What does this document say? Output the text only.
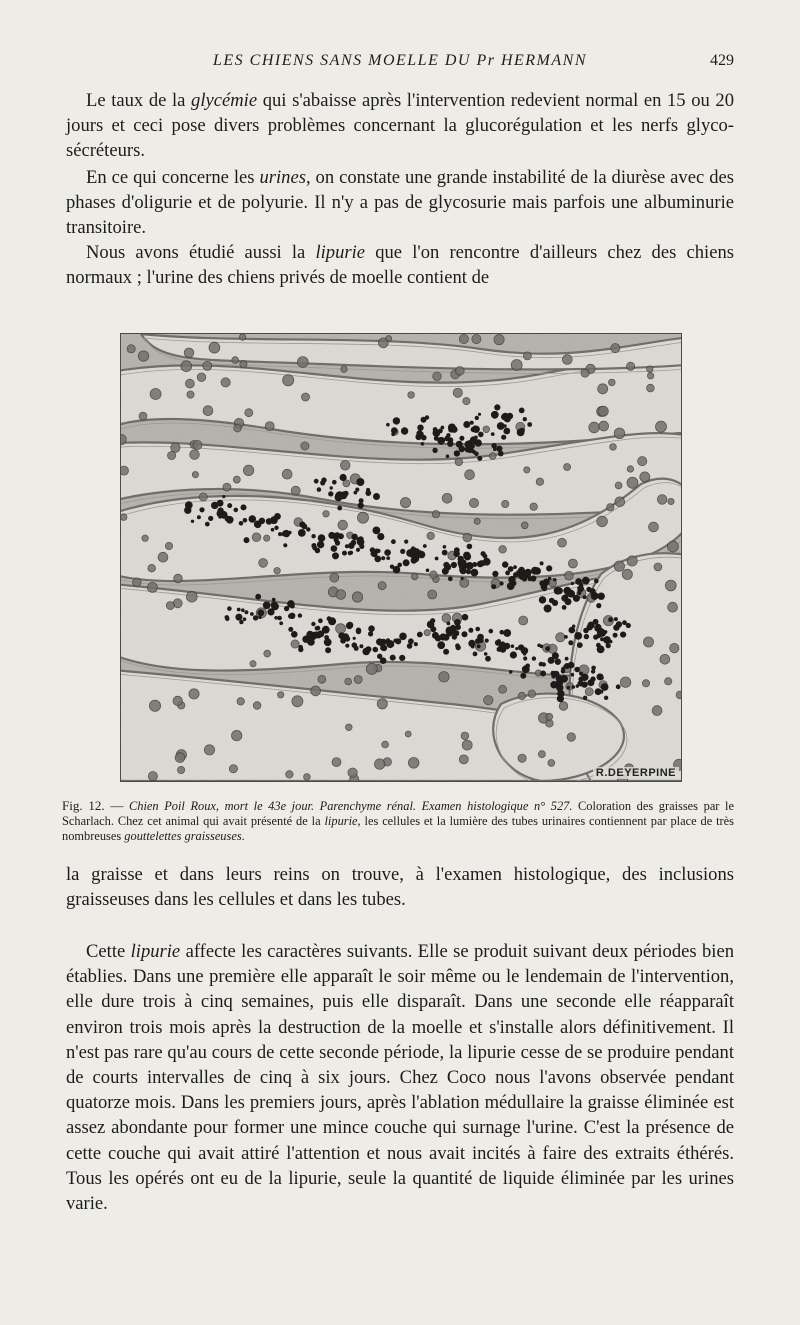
LES CHIENS SANS MOELLE DU Pr HERMANN	429

Le taux de la glycémie qui s'abaisse après l'intervention redevient normal en 15 ou 20 jours et ceci pose divers problèmes concernant la glucorégulation et les nerfs glyco-sécréteurs.

En ce qui concerne les urines, on constate une grande instabilité de la diurèse avec des phases d'oligurie et de polyurie. Il n'y a pas de glycosurie mais parfois une albuminurie transitoire.

Nous avons étudié aussi la lipurie que l'on rencontre d'ailleurs chez des chiens normaux ; l'urine des chiens privés de moelle contient de

R.DEYERPINE

Fig. 12. — Chien Poil Roux, mort le 43e jour. Parenchyme rénal. Examen histologique n° 527. Coloration des graisses par le Scharlach. Chez cet animal qui avait présenté de la lipurie, les cellules et la lumière des tubes urinaires contiennent par place de très nombreuses gouttelettes graisseuses.

la graisse et dans leurs reins on trouve, à l'examen histologique, des inclusions graisseuses dans les cellules et dans les tubes.

Cette lipurie affecte les caractères suivants. Elle se produit suivant deux périodes bien établies. Dans une première elle apparaît le soir même ou le lendemain de l'intervention, elle dure trois à cinq semaines, puis elle disparaît. Dans une seconde elle réapparaît environ trois mois après la destruction de la moelle et s'installe alors définitivement. Il n'est pas rare qu'au cours de cette seconde période, la lipurie cesse de se produire pendant de courts intervalles de cinq à six jours. Chez Coco nous l'avons observée pendant quatorze mois. Dans les premiers jours, après l'ablation médullaire la graisse éliminée est assez abondante pour former une mince couche qui surnage l'urine. C'est la présence de cette couche qui avait attiré l'attention et nous avait incités à faire des extraits éthérés. Tous les opérés ont eu de la lipurie, seule la quantité de liquide éliminée par les urines varie.
